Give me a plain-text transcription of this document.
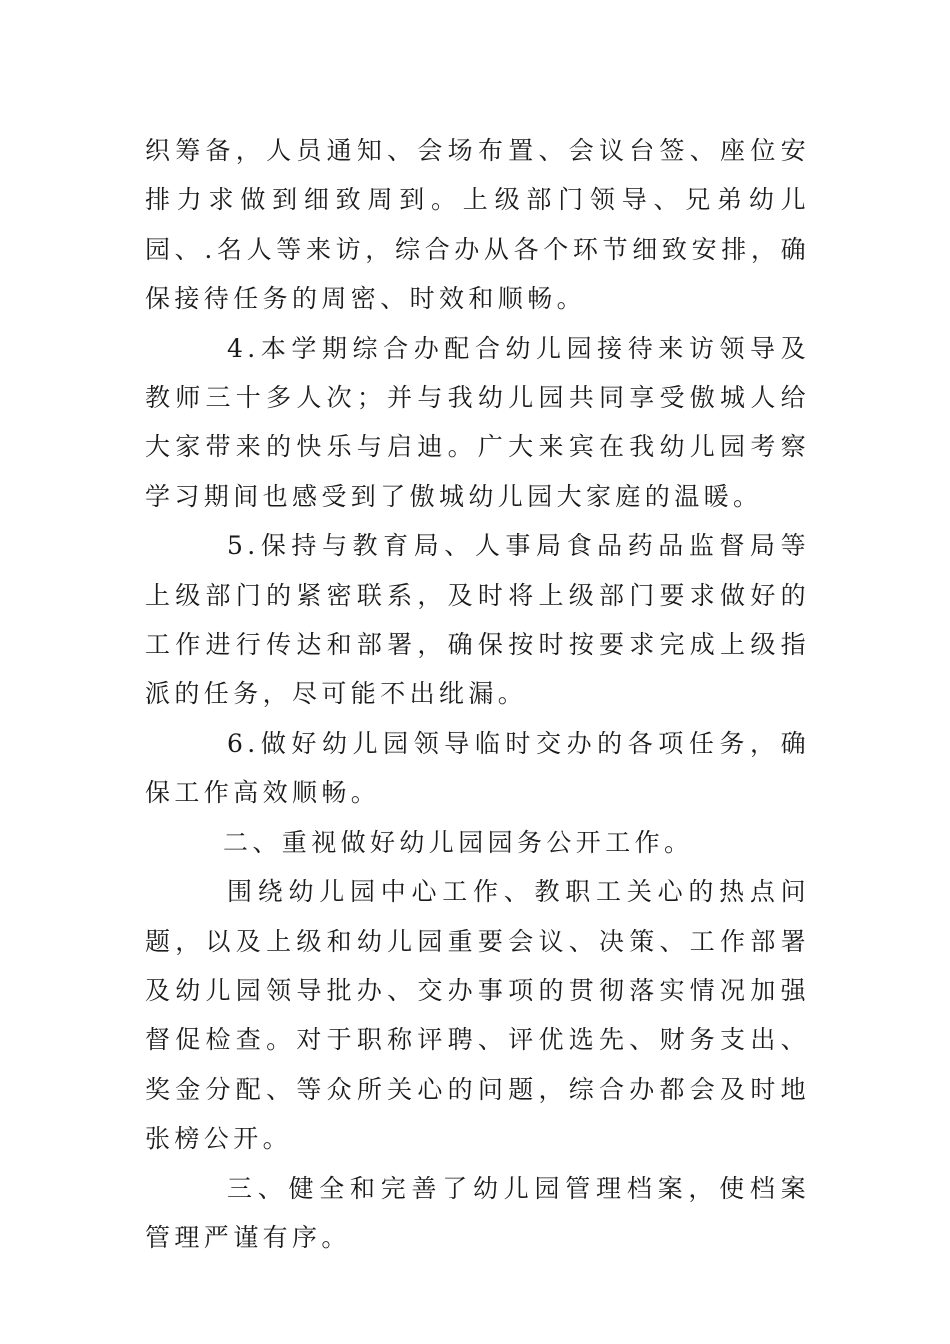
织筹备，人员通知、会场布置、会议台签、座位安排力求做到细致周到。上级部门领导、兄弟幼儿园、.名人等来访，综合办从各个环节细致安排，确保接待任务的周密、时效和顺畅。

4.本学期综合办配合幼儿园接待来访领导及教师三十多人次；并与我幼儿园共同享受傲城人给大家带来的快乐与启迪。广大来宾在我幼儿园考察学习期间也感受到了傲城幼儿园大家庭的温暖。

5.保持与教育局、人事局食品药品监督局等上级部门的紧密联系，及时将上级部门要求做好的工作进行传达和部署，确保按时按要求完成上级指派的任务，尽可能不出纰漏。

6.做好幼儿园领导临时交办的各项任务，确保工作高效顺畅。

二、重视做好幼儿园园务公开工作。

围绕幼儿园中心工作、教职工关心的热点问题，以及上级和幼儿园重要会议、决策、工作部署及幼儿园领导批办、交办事项的贯彻落实情况加强督促检查。对于职称评聘、评优选先、财务支出、奖金分配、等众所关心的问题，综合办都会及时地张榜公开。

三、健全和完善了幼儿园管理档案，使档案管理严谨有序。
